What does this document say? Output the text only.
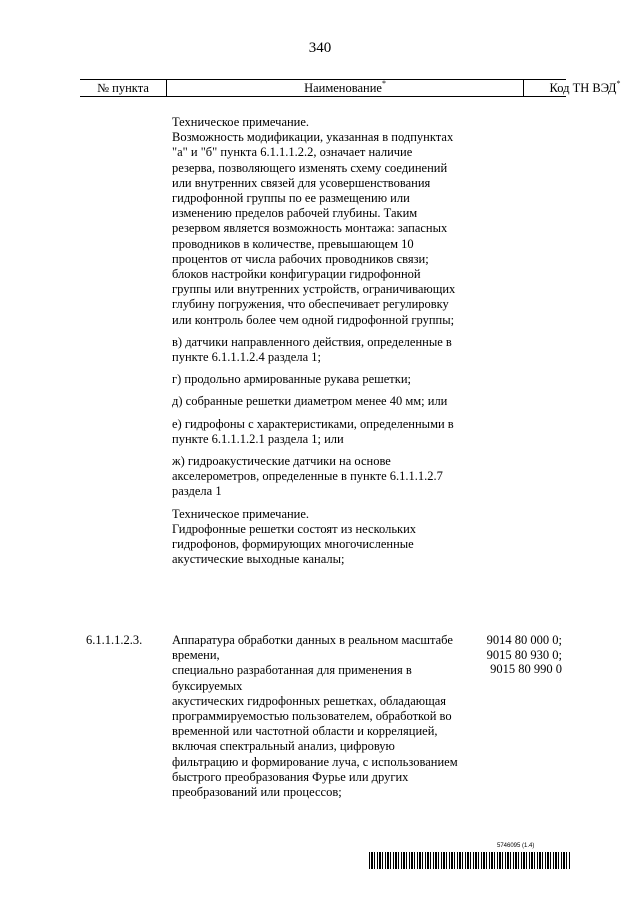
340
№ пункта	Наименование*	Код ТН ВЭД*

Техническое примечание.
Возможность модификации, указанная в подпунктах "а" и "б" пункта 6.1.1.1.2.2, означает наличие резерва, позволяющего изменять схему соединений или внутренних связей для усовершенствования гидрофонной группы по ее размещению или изменению пределов рабочей глубины. Таким резервом является возможность монтажа: запасных проводников в количестве, превышающем 10 процентов от числа рабочих проводников связи; блоков настройки конфигурации гидрофонной группы или внутренних устройств, ограничивающих глубину погружения, что обеспечивает регулировку или контроль более чем одной гидрофонной группы;

в) датчики направленного действия, определенные в пункте 6.1.1.1.2.4 раздела 1;

г) продольно армированные рукава решетки;

д) собранные решетки диаметром менее 40 мм; или

е) гидрофоны с характеристиками, определенными в пункте 6.1.1.1.2.1 раздела 1; или

ж) гидроакустические датчики на основе акселерометров, определенные в пункте 6.1.1.1.2.7 раздела 1

Техническое примечание.
Гидрофонные решетки состоят из нескольких гидрофонов, формирующих многочисленные акустические выходные каналы;

6.1.1.1.2.3. Аппаратура обработки данных в реальном масштабе времени,
специально разработанная для применения в буксируемых
акустических гидрофонных решетках, обладающая программируемостью пользователем, обработкой во временной или частотной области и корреляцией, включая спектральный анализ, цифровую фильтрацию и формирование луча, с использованием быстрого преобразования Фурье или других преобразований или процессов;
9014 80 000 0;
9015 80 930 0;
9015 80 990 0
5746095 (1.4)
